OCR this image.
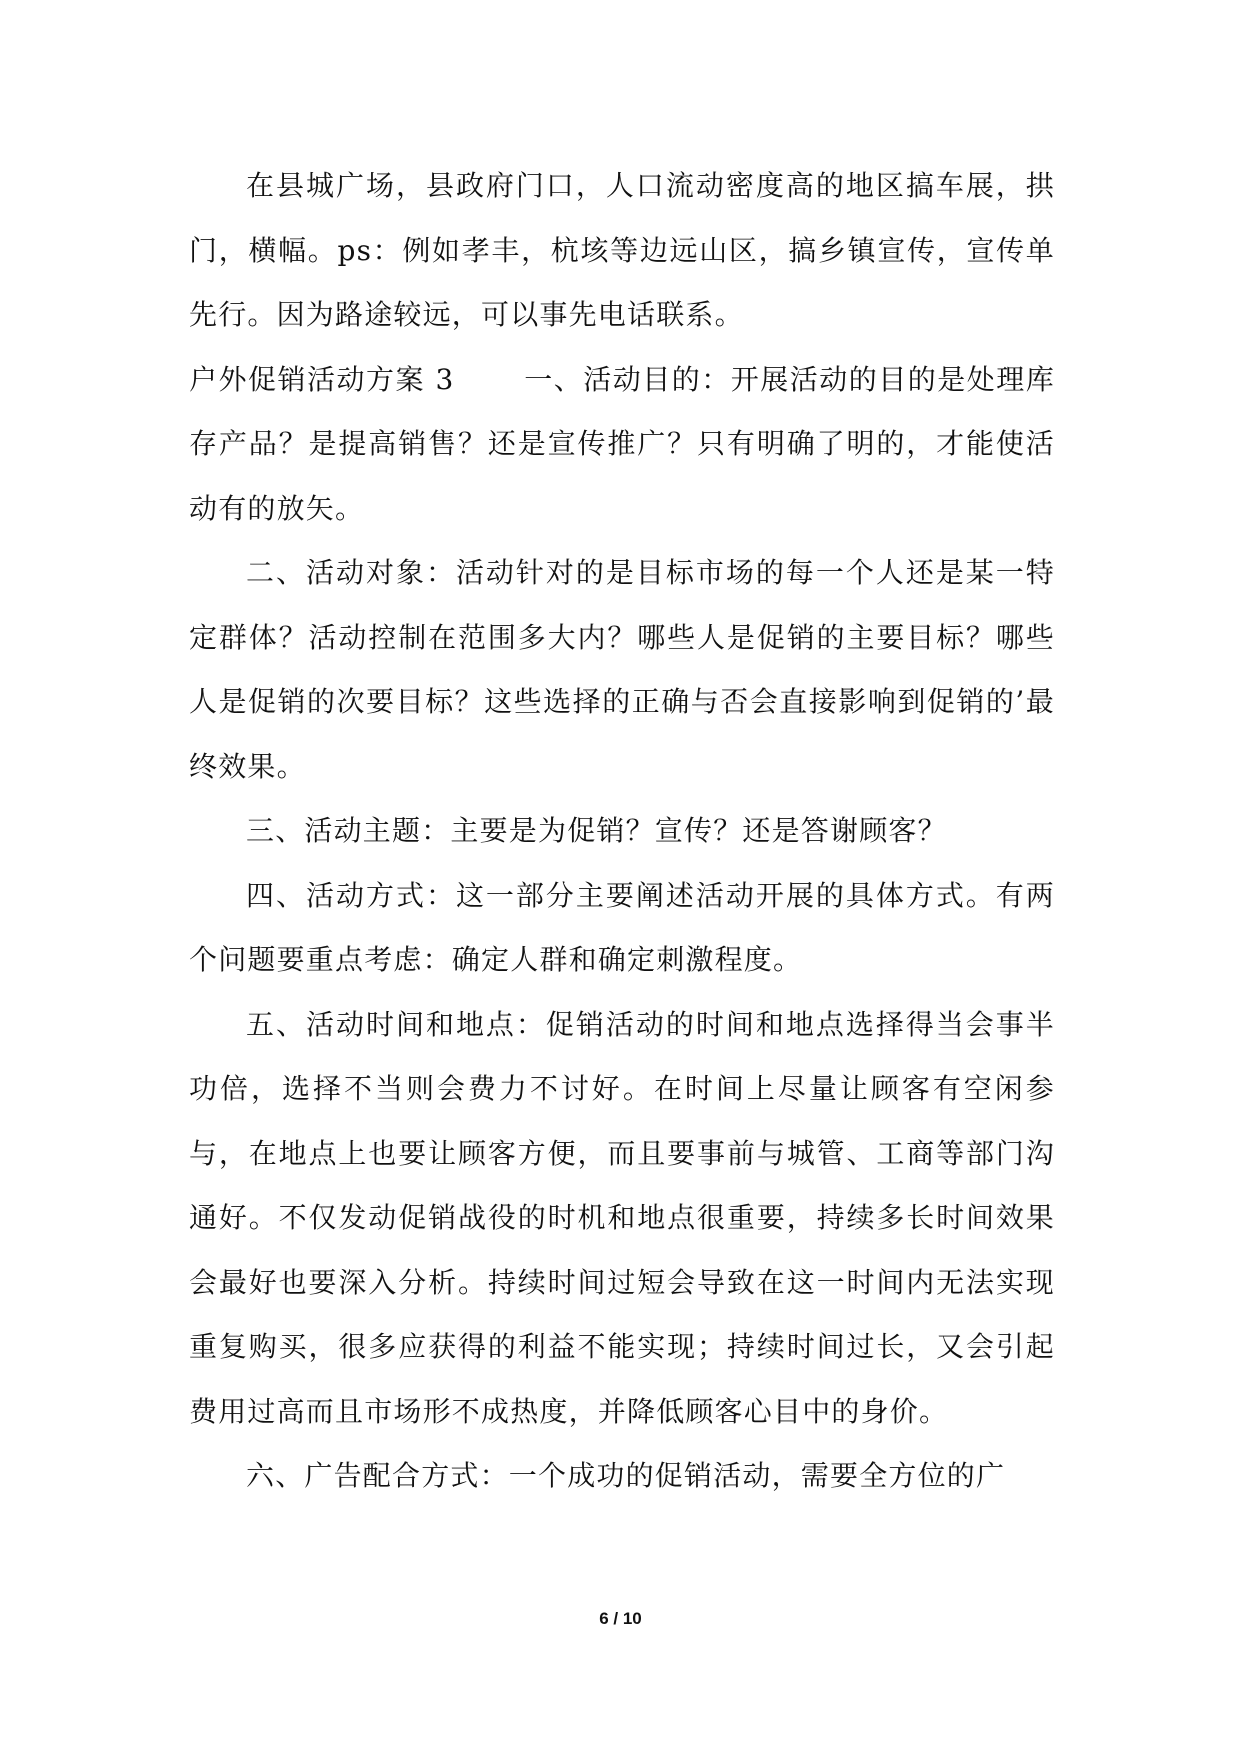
在县城广场，县政府门口，人口流动密度高的地区搞车展，拱门，横幅。ps：例如孝丰，杭垓等边远山区，搞乡镇宣传，宣传单先行。因为路途较远，可以事先电话联系。

户外促销活动方案 3　　 一、活动目的：开展活动的目的是处理库存产品？是提高销售？还是宣传推广？只有明确了明的，才能使活动有的放矢。

二、活动对象：活动针对的是目标市场的每一个人还是某一特定群体？活动控制在范围多大内？哪些人是促销的主要目标？哪些人是促销的次要目标？这些选择的正确与否会直接影响到促销的’最终效果。

三、活动主题：主要是为促销？宣传？还是答谢顾客？

四、活动方式：这一部分主要阐述活动开展的具体方式。有两个问题要重点考虑：确定人群和确定刺激程度。

五、活动时间和地点：促销活动的时间和地点选择得当会事半功倍，选择不当则会费力不讨好。在时间上尽量让顾客有空闲参与，在地点上也要让顾客方便，而且要事前与城管、工商等部门沟通好。不仅发动促销战役的时机和地点很重要，持续多长时间效果会最好也要深入分析。持续时间过短会导致在这一时间内无法实现重复购买，很多应获得的利益不能实现；持续时间过长，又会引起费用过高而且市场形不成热度，并降低顾客心目中的身价。

六、广告配合方式：一个成功的促销活动，需要全方位的广

6 / 10
